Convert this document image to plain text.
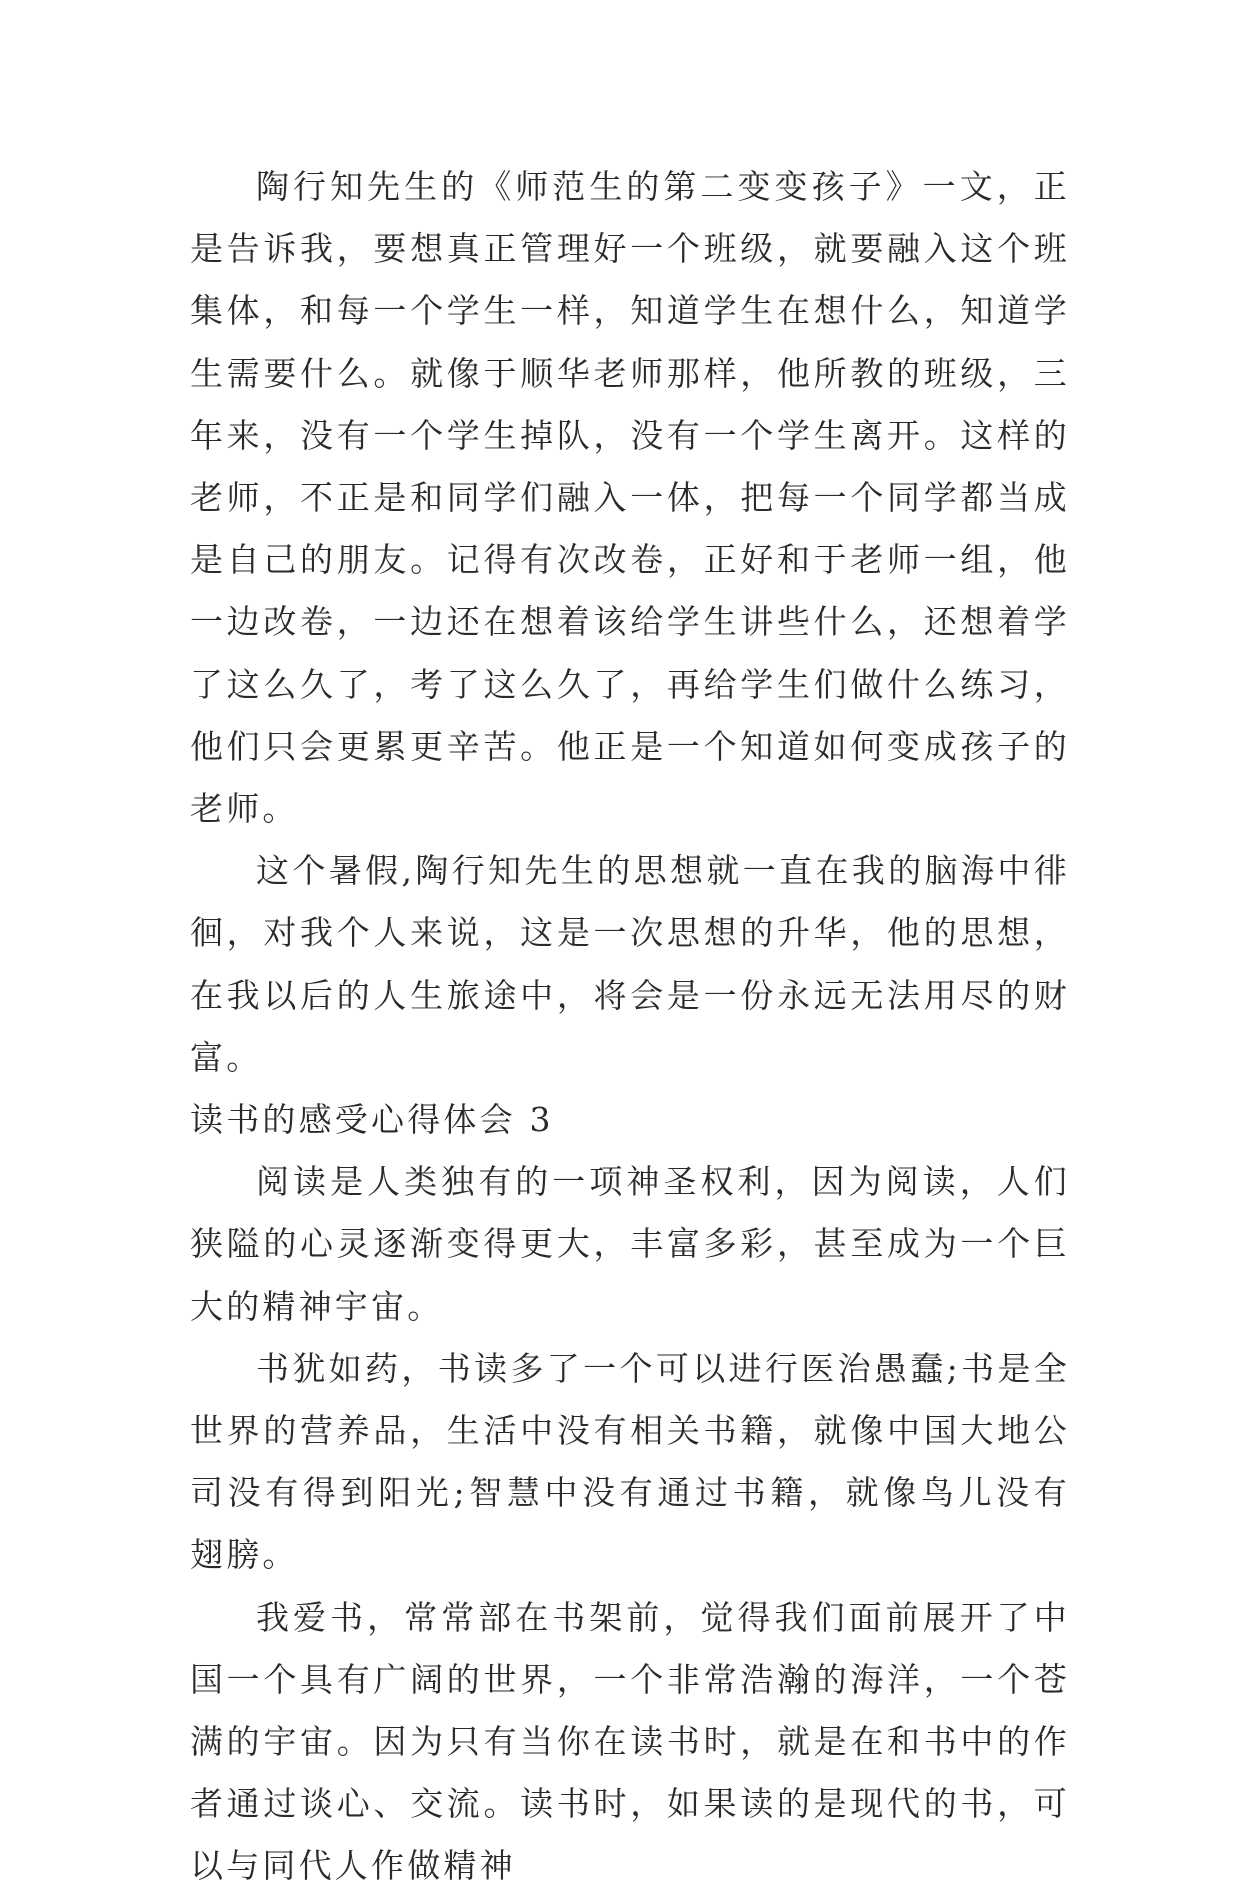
陶行知先生的《师范生的第二变变孩子》一文，正是告诉我，要想真正管理好一个班级，就要融入这个班集体，和每一个学生一样，知道学生在想什么，知道学生需要什么。就像于顺华老师那样，他所教的班级，三年来，没有一个学生掉队，没有一个学生离开。这样的老师，不正是和同学们融入一体，把每一个同学都当成是自己的朋友。记得有次改卷，正好和于老师一组，他一边改卷，一边还在想着该给学生讲些什么，还想着学了这么久了，考了这么久了，再给学生们做什么练习，他们只会更累更辛苦。他正是一个知道如何变成孩子的老师。

这个暑假,陶行知先生的思想就一直在我的脑海中徘徊，对我个人来说，这是一次思想的升华，他的思想，在我以后的人生旅途中，将会是一份永远无法用尽的财富。

读书的感受心得体会 3

阅读是人类独有的一项神圣权利，因为阅读，人们狭隘的心灵逐渐变得更大，丰富多彩，甚至成为一个巨大的精神宇宙。

书犹如药，书读多了一个可以进行医治愚蠢;书是全世界的营养品，生活中没有相关书籍，就像中国大地公司没有得到阳光;智慧中没有通过书籍，就像鸟儿没有翅膀。

我爱书，常常部在书架前，觉得我们面前展开了中国一个具有广阔的世界，一个非常浩瀚的海洋，一个苍满的宇宙。因为只有当你在读书时，就是在和书中的作者通过谈心、交流。读书时，如果读的是现代的书，可以与同代人作做精神
